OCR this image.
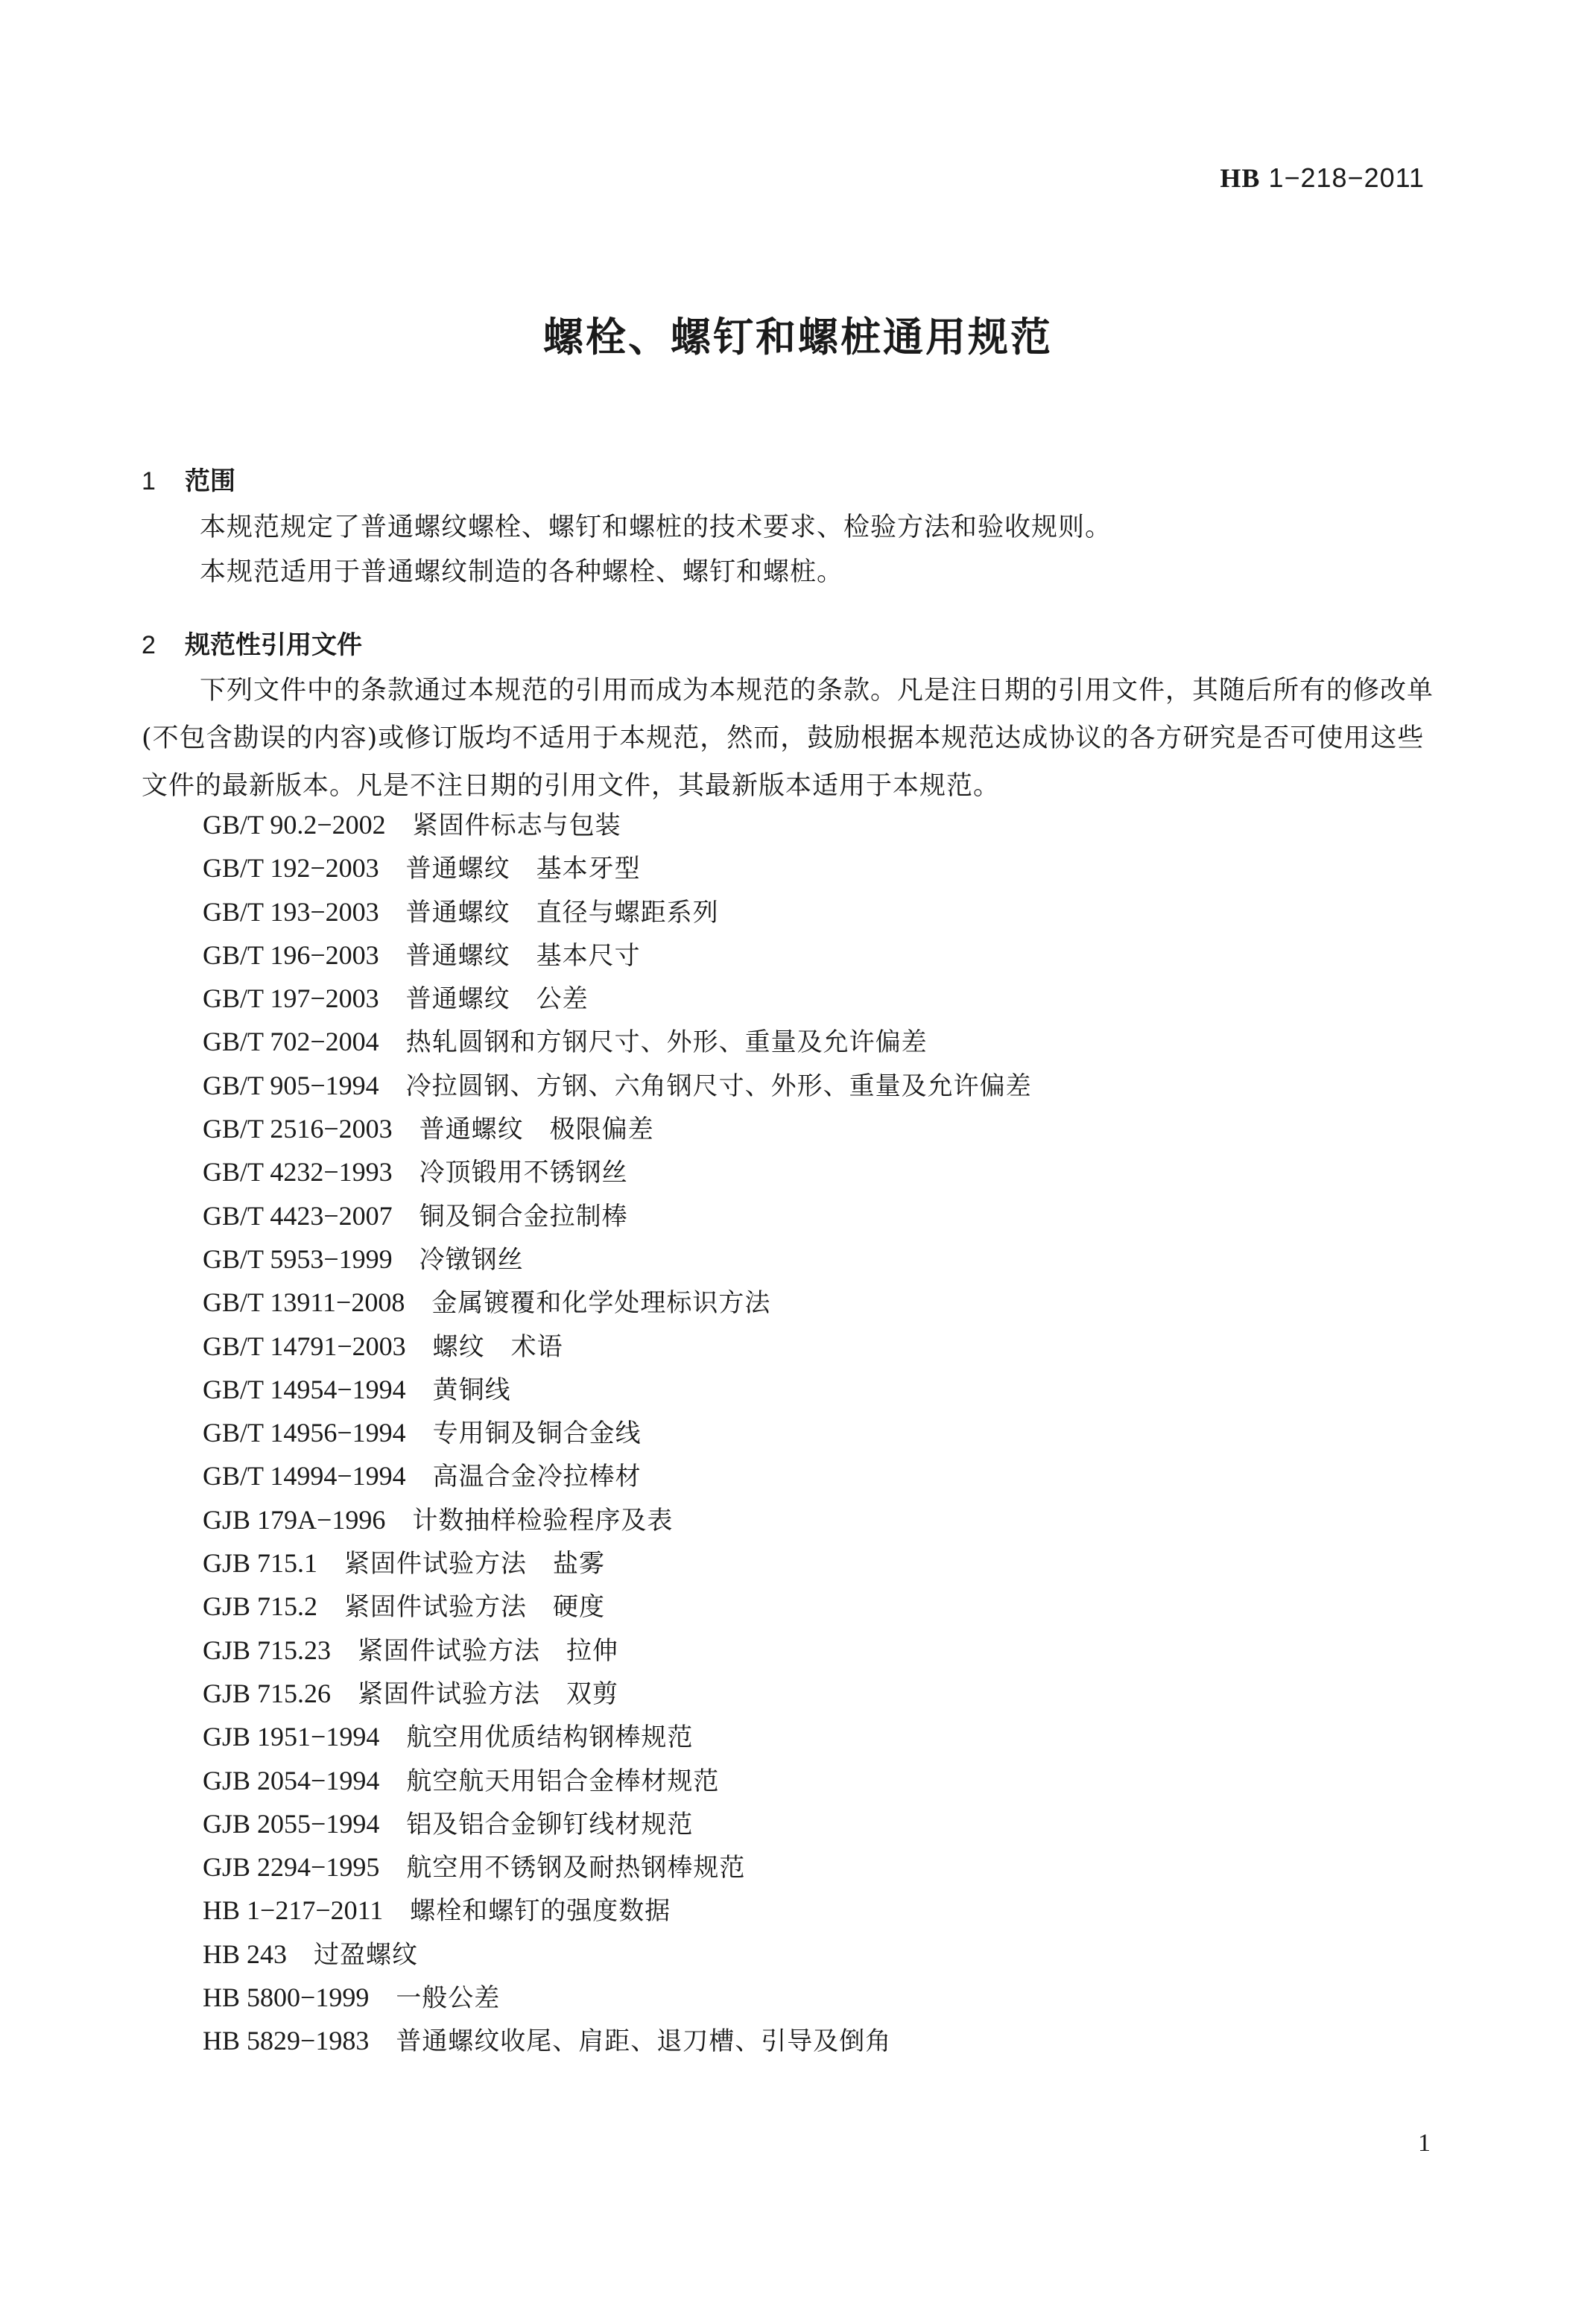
HB 1−218−2011
螺栓、螺钉和螺桩通用规范
1 范围
本规范规定了普通螺纹螺栓、螺钉和螺桩的技术要求、检验方法和验收规则。
本规范适用于普通螺纹制造的各种螺栓、螺钉和螺桩。
2 规范性引用文件
下列文件中的条款通过本规范的引用而成为本规范的条款。凡是注日期的引用文件，其随后所有的修改单(不包含勘误的内容)或修订版均不适用于本规范，然而，鼓励根据本规范达成协议的各方研究是否可使用这些文件的最新版本。凡是不注日期的引用文件，其最新版本适用于本规范。
GB/T 90.2−2002 紧固件标志与包装
GB/T 192−2003 普通螺纹　基本牙型
GB/T 193−2003 普通螺纹　直径与螺距系列
GB/T 196−2003 普通螺纹　基本尺寸
GB/T 197−2003 普通螺纹　公差
GB/T 702−2004 热轧圆钢和方钢尺寸、外形、重量及允许偏差
GB/T 905−1994 冷拉圆钢、方钢、六角钢尺寸、外形、重量及允许偏差
GB/T 2516−2003 普通螺纹　极限偏差
GB/T 4232−1993 冷顶锻用不锈钢丝
GB/T 4423−2007 铜及铜合金拉制棒
GB/T 5953−1999 冷镦钢丝
GB/T 13911−2008 金属镀覆和化学处理标识方法
GB/T 14791−2003 螺纹　术语
GB/T 14954−1994 黄铜线
GB/T 14956−1994 专用铜及铜合金线
GB/T 14994−1994 高温合金冷拉棒材
GJB 179A−1996 计数抽样检验程序及表
GJB 715.1 紧固件试验方法　盐雾
GJB 715.2 紧固件试验方法　硬度
GJB 715.23 紧固件试验方法　拉伸
GJB 715.26 紧固件试验方法　双剪
GJB 1951−1994 航空用优质结构钢棒规范
GJB 2054−1994 航空航天用铝合金棒材规范
GJB 2055−1994 铝及铝合金铆钉线材规范
GJB 2294−1995 航空用不锈钢及耐热钢棒规范
HB 1−217−2011 螺栓和螺钉的强度数据
HB 243 过盈螺纹
HB 5800−1999 一般公差
HB 5829−1983 普通螺纹收尾、肩距、退刀槽、引导及倒角
1
